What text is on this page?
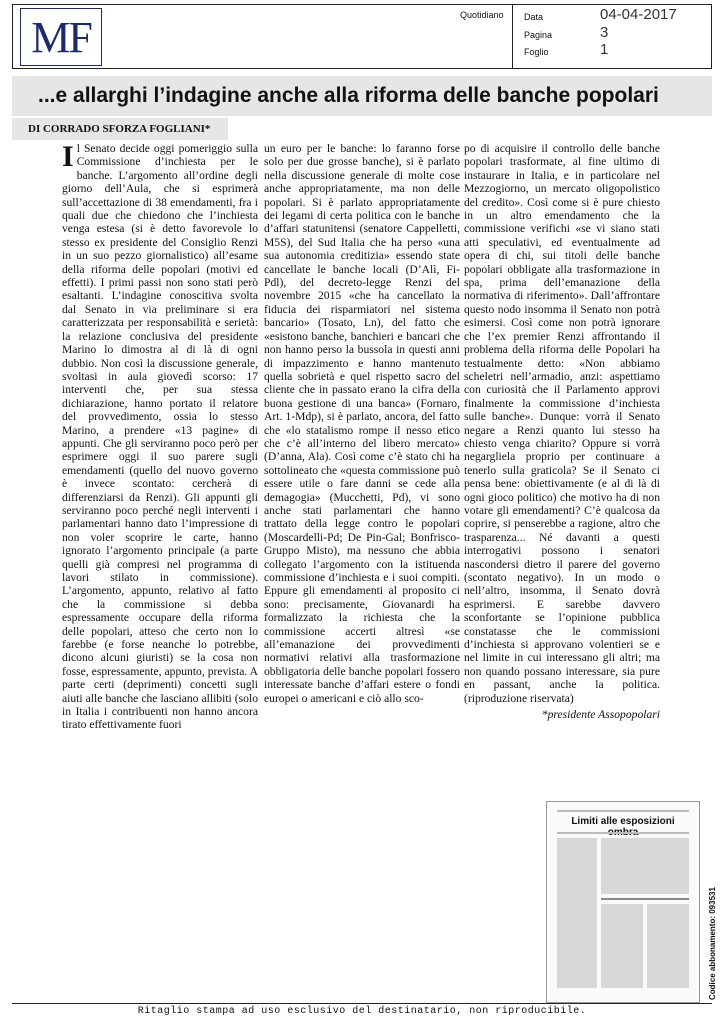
MF	Quotidiano Data	04-04-2017
Pagina	3
Foglio	1
...e allarghi l’indagine anche alla riforma delle banche popolari
DI CORRADO SFORZA FOGLIANI*

Il Senato decide oggi pomeriggio sulla Commissione d’inchiesta per le banche. L’argomento all’ordine degli giorno dell’Aula, che si esprimerà sull’accettazione di 38 emendamenti, fra i quali due che chiedono che l’inchiesta venga estesa (si è detto favorevole lo stesso ex presidente del Consiglio Renzi in un suo pezzo giornalistico) all’esame della riforma delle popolari (motivi ed effetti). I primi passi non sono stati però esaltanti. L’indagine conoscitiva svolta dal Senato in via preliminare si era caratterizzata per responsabilità e serietà: la relazione conclusiva del presidente Marino lo dimostra al di là di ogni dubbio. Non così la discussione generale, svoltasi in aula giovedì scorso: 17 interventi che, per sua stessa dichiarazione, hanno portato il relatore del provvedimento, ossia lo stesso Marino, a prendere «13 pagine» di appunti. Che gli serviranno poco però per esprimere oggi il suo parere sugli emendamenti (quello del nuovo governo è invece scontato: cercherà di differenziarsi da Renzi). Gli appunti gli serviranno poco perché negli interventi i parlamentari hanno dato l’impressione di non voler scoprire le carte, hanno ignorato l’argomento principale (a parte quelli già compresi nel programma di lavori stilato in commissione). L’argomento, appunto, relativo al fatto che la commissione si debba espressamente occupare della riforma delle popolari, atteso che certo non lo farebbe (e forse neanche lo potrebbe, dicono alcuni giuristi) se la cosa non fosse, espressamente, appunto, prevista. A parte certi (deprimenti) concetti sugli aiuti alle banche che lasciano allibiti (solo in Italia i contribuenti non hanno ancora tirato effettivamente fuori

un euro per le banche: lo faranno forse solo per due grosse banche), si è parlato nella discussione generale di molte cose anche appropriatamente, ma non delle popolari. Si è parlato appropriatamente dei legami di certa politica con le banche d’affari statunitensi (senatore Cappelletti, M5S), del Sud Italia che ha perso «una sua autonomia creditizia» essendo state cancellate le banche locali (D’Alì, Fi-Pdl), del decreto-legge Renzi del novembre 2015 «che ha cancellato la fiducia dei risparmiatori nel sistema bancario» (Tosato, Ln), del fatto che «esistono banche, banchieri e bancari che non hanno perso la bussola in questi anni di impazzimento e hanno mantenuto quella sobrietà e quel rispetto sacro del cliente che in passato erano la cifra della buona gestione di una banca» (Fornaro, Art. 1-Mdp), si è parlato, ancora, del fatto che «lo statalismo rompe il nesso etico che c’è all’interno del libero mercato» (D’anna, Ala). Così come c’è stato chi ha sottolineato che «questa commissione può essere utile o fare danni se cede alla demagogia» (Mucchetti, Pd), vi sono anche stati parlamentari che hanno trattato della legge contro le popolari (Moscardelli-Pd; De Pin-Gal; Bonfrisco-Gruppo Misto), ma nessuno che abbia collegato l’argomento con la istituenda commissione d’inchiesta e i suoi compiti. Eppure gli emendamenti al proposito ci sono: precisamente, Giovanardi ha formalizzato la richiesta che la commissione accerti altresì «se all’emanazione dei provvedimenti normativi relativi alla trasformazione obbligatoria delle banche popolari fossero interessate banche d’affari estere o fondi europei o americani e ciò allo sco-

po di acquisire il controllo delle banche popolari trasformate, al fine ultimo di instaurare in Italia, e in particolare nel Mezzogiorno, un mercato oligopolistico del credito». Così come si è pure chiesto in un altro emendamento che la commissione verifichi «se vi siano stati atti speculativi, ed eventualmente ad opera di chi, sui titoli delle banche popolari obbligate alla trasformazione in spa, prima dell’emanazione della normativa di riferimento». Dall’affrontare questo nodo insomma il Senato non potrà esimersi. Così come non potrà ignorare che l’ex premier Renzi affrontando il problema della riforma delle Popolari ha testualmente detto: «Non abbiamo scheletri nell’armadio, anzi: aspettiamo con curiosità che il Parlamento approvi finalmente la commissione d’inchiesta sulle banche». Dunque: vorrà il Senato negare a Renzi quanto lui stesso ha chiesto venga chiarito? Oppure si vorrà negargliela proprio per continuare a tenerlo sulla graticola? Se il Senato ci pensa bene: obiettivamente (e al di là di ogni gioco politico) che motivo ha di non votare gli emendamenti? C’è qualcosa da coprire, si penserebbe a ragione, altro che trasparenza... Né davanti a questi interrogativi possono i senatori nascondersi dietro il parere del governo (scontato negativo). In un modo o nell’altro, insomma, il Senato dovrà esprimersi. E sarebbe davvero sconfortante se l’opinione pubblica constatasse che le commissioni d’inchiesta si approvano volentieri se e nel limite in cui interessano gli altri; ma non quando possano interessare, sia pure en passant, anche la politica. (riproduzione riservata)

*presidente Assopopolari

Limiti alle esposizioni
Codice abbonamento: 093531
Ritaglio stampa ad uso esclusivo del destinatario, non riproducibile.
